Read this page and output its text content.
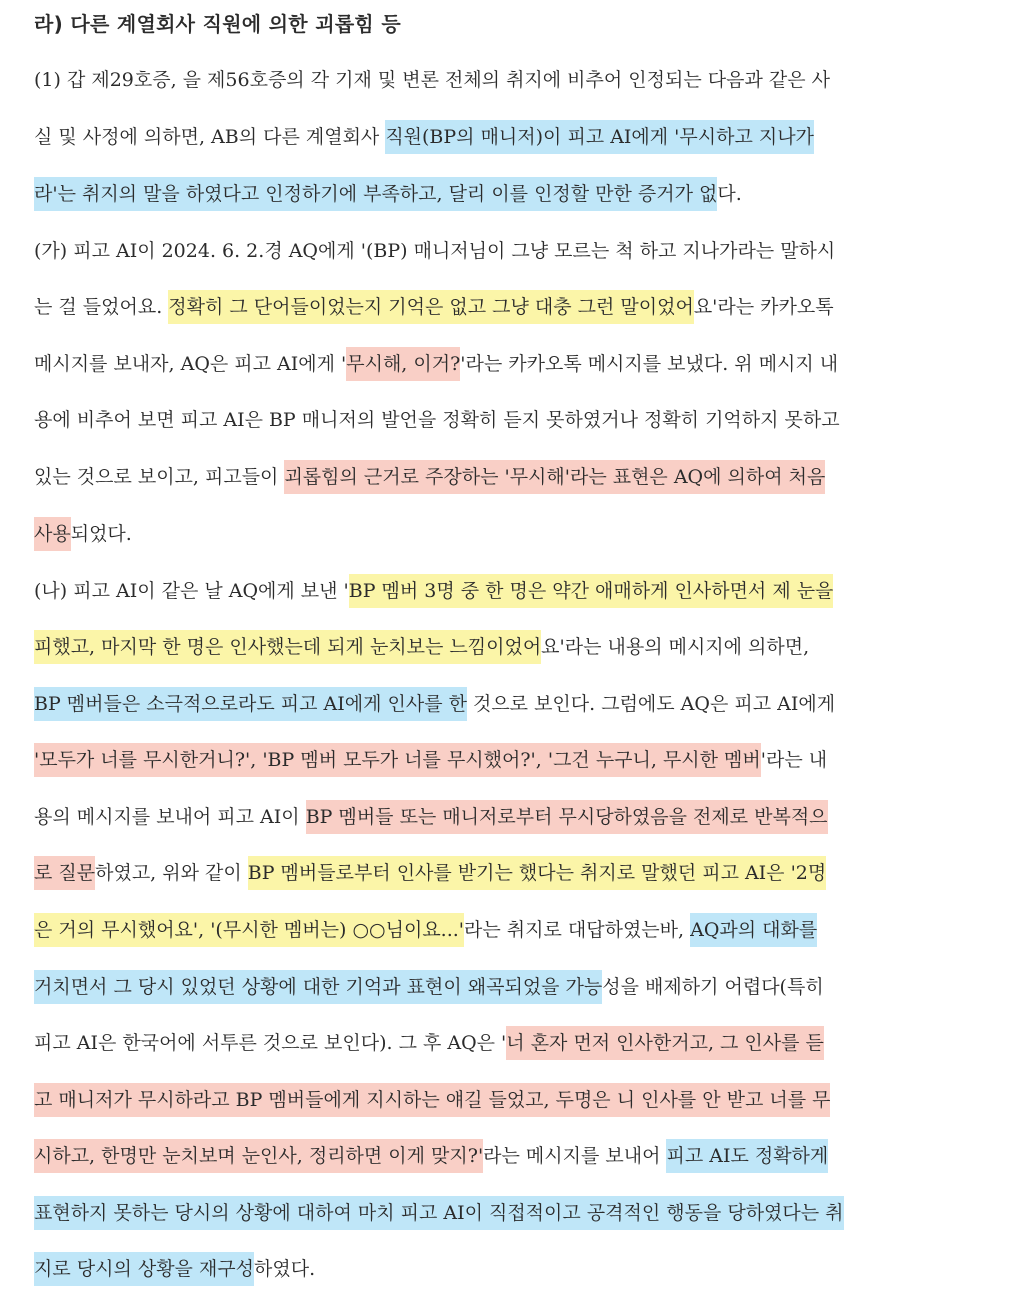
라) 다른 계열회사 직원에 의한 괴롭힘 등
(1) 갑 제29호증, 을 제56호증의 각 기재 및 변론 전체의 취지에 비추어 인정되는 다음과 같은 사
실 및 사정에 의하면, AB의 다른 계열회사 직원(BP의 매니저)이 피고 AI에게 '무시하고 지나가
라'는 취지의 말을 하였다고 인정하기에 부족하고, 달리 이를 인정할 만한 증거가 없 다.
(가) 피고 AI이 2024. 6. 2.경 AQ에게 '(BP) 매니저님이 그냥 모르는 척 하고 지나가라는 말하시
는 걸 들었어요. 정확히 그 단어들이었는지 기억은 없고 그냥 대충 그런 말이었어 요'라는 카카오톡
메시지를 보내자, AQ은 피고 AI에게 ' 무시해, 이거? '라는 카카오톡 메시지를 보냈다. 위 메시지 내
용에 비추어 보면 피고 AI은 BP 매니저의 발언을 정확히 듣지 못하였거나 정확히 기억하지 못하고
있는 것으로 보이고, 피고들이 괴롭힘의 근거로 주장하는 '무시해'라는 표현은 AQ에 의하여 처음
사용 되었다.
(나) 피고 AI이 같은 날 AQ에게 보낸 ' BP 멤버 3명 중 한 명은 약간 애매하게 인사하면서 제 눈을
피했고, 마지막 한 명은 인사했는데 되게 눈치보는 느낌이었어 요'라는 내용의 메시지에 의하면,
BP 멤버들은 소극적으로라도 피고 AI에게 인사를 한 것으로 보인다. 그럼에도 AQ은 피고 AI에게
'모두가 너를 무시한거니?', 'BP 멤버 모두가 너를 무시했어?', '그건 누구니, 무시한 멤버 '라는 내
용의 메시지를 보내어 피고 AI이 BP 멤버들 또는 매니저로부터 무시당하였음을 전제로 반복적으
로 질문 하였고, 위와 같이 BP 멤버들로부터 인사를 받기는 했다는 취지로 말했던 피고 AI은 '2명
은 거의 무시했어요', '(무시한 멤버는) ○○님이요...' 라는 취지로 대답하였는바, AQ과의 대화를
거치면서 그 당시 있었던 상황에 대한 기억과 표현이 왜곡되었을 가능 성을 배제하기 어렵다(특히
피고 AI은 한국어에 서투른 것으로 보인다). 그 후 AQ은 ' 너 혼자 먼저 인사한거고, 그 인사를 듣
고 매니저가 무시하라고 BP 멤버들에게 지시하는 얘길 들었고, 두명은 니 인사를 안 받고 너를 무
시하고, 한명만 눈치보며 눈인사, 정리하면 이게 맞지?' 라는 메시지를 보내어 피고 AI도 정확하게
표현하지 못하는 당시의 상황에 대하여 마치 피고 AI이 직접적이고 공격적인 행동을 당하였다는 취
지로 당시의 상황을 재구성 하였다.
